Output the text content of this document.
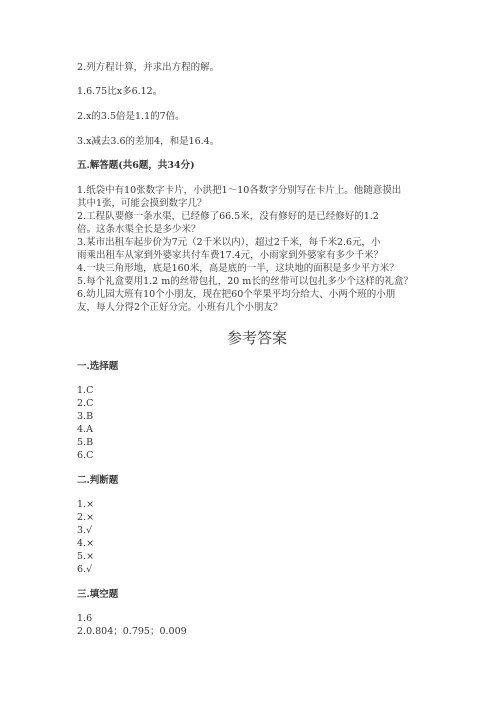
2.列方程计算，并求出方程的解。
1.6.75比x多6.12。
2.x的3.5倍是1.1的7倍。
3.x减去3.6的差加4，和是16.4。
五.解答题(共6题，共34分)
1.纸袋中有10张数字卡片，小洪把1～10各数字分别写在卡片上。他随意摸出
其中1张，可能会摸到数字几？
2.工程队要修一条水渠，已经修了66.5米，没有修好的是已经修好的1.2
倍。这条水渠全长是多少米？
3.某市出租车起步价为7元（2千米以内），超过2千米，每千米2.6元，小
雨乘出租车从家到外婆家共付车费17.4元，小雨家到外婆家有多少千米？
4.一块三角形地，底是160米，高是底的一半，这块地的面积是多少平方米？
5.每个礼盒要用1.2 m的丝带包扎，20 m长的丝带可以包扎多少个这样的礼盒？
6.幼儿园大班有10个小朋友，现在把60个苹果平均分给大、小两个班的小朋
友，每人分得2个正好分完。小班有几个小朋友？
参考答案
一.选择题
1.C
2.C
3.B
4.A
5.B
6.C
二.判断题
1.×
2.×
3.√
4.×
5.×
6.√
三.填空题
1.6
2.0.804；0.795；0.009
